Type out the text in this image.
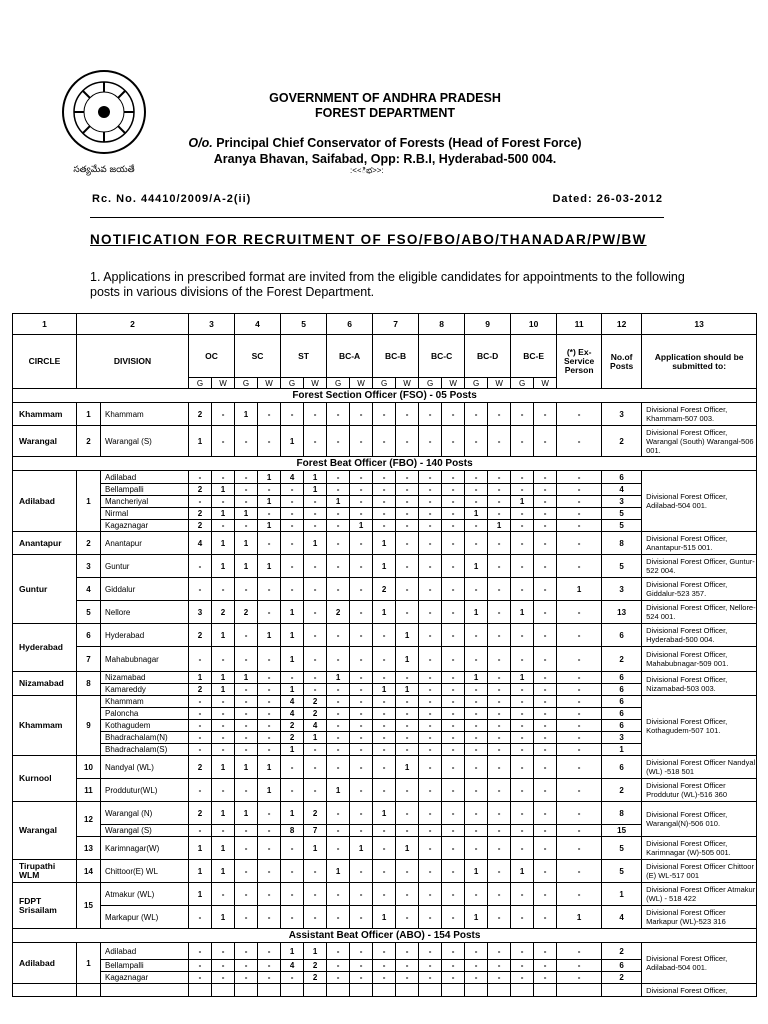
సత్యమేవ జయతే
GOVERNMENT OF ANDHRA PRADESH
FOREST DEPARTMENT
O/o. Principal Chief Conservator of Forests (Head of Forest Force)
Aranya Bhavan, Saifabad, Opp: R.B.I, Hyderabad-500 004.
:<<ిభ>>:
Rc. No. 44410/2009/A-2(ii)	Dated: 26-03-2012
NOTIFICATION FOR RECRUITMENT OF FSO/FBO/ABO/THANADAR/PW/BW
1. Applications in prescribed format are invited from the eligible candidates for appointments to the following posts in various divisions of the Forest Department.
1	2		3		4		5		6		7		8		9		10		11	12	13
CIRCLE	DIVISION		OC		SC		ST		BC-A		BC-B		BC-C		BC-D		BC-E		(*) Ex-Service Person	No.of Posts	Application should be submitted to:
			G	W	G	W	G	W	G	W	G	W	G	W	G	W	G	W			
Forest Section Officer (FSO) - 05 Posts																					
Khammam	1	Khammam	2	-	1	-	-	-	-	-	-	-	-	-	-	-	-	-	-	3	Divisional Forest Officer, Khammam-507 003.
Warangal	2	Warangal (S)	1	-	-	-	1	-	-	-	-	-	-	-	-	-	-	-	-	2	Divisional Forest Officer, Warangal (South) Warangal-506 001.
Forest Beat Officer (FBO) - 140 Posts																					
Adilabad	1	Adilabad	-	-	-	1	4	1	-	-	-	-	-	-	-	-	-	-	-	6	Divisional Forest Officer, Adilabad-504 001.
		Bellampalli	2	1	-	-	-	1	-	-	-	-	-	-	-	-	-	-	-	4	
		Mancheriyal	-	-	-	1	-	-	1	-	-	-	-	-	-	-	1	-	-	3	
		Nirmal	2	1	1	-	-	-	-	-	-	-	-	-	1	-	-	-	-	5	
		Kagaznagar	2	-	-	1	-	-	-	1	-	-	-	-	-	1	-	-	-	5	
Anantapur	2	Anantapur	4	1	1	-	-	1	-	-	1	-	-	-	-	-	-	-	-	8	Divisional Forest Officer, Anantapur-515 001.
Guntur	3	Guntur	-	1	1	1	-	-	-	-	1	-	-	-	1	-	-	-	-	5	Divisional Forest Officer, Guntur-522 004.
	4	Giddalur	-	-	-	-	-	-	-	-	2	-	-	-	-	-	-	-	1	3	Divisional Forest Officer, Giddalur-523 357.
	5	Nellore	3	2	2	-	1	-	2	-	1	-	-	-	1	-	1	-	-	13	Divisional Forest Officer, Nellore-524 001.
Hyderabad	6	Hyderabad	2	1	-	1	1	-	-	-	-	1	-	-	-	-	-	-	-	6	Divisional Forest Officer, Hyderabad-500 004.
	7	Mahabubnagar	-	-	-	-	1	-	-	-	-	1	-	-	-	-	-	-	-	2	Divisional Forest Officer, Mahabubnagar-509 001.
Nizamabad	8	Nizamabad	1	1	1	-	-	-	1	-	-	-	-	-	1	-	1	-	-	6	Divisional Forest Officer, Nizamabad-503 003.
		Kamareddy	2	1	-	-	1	-	-	-	1	1	-	-	-	-	-	-	-	6	
Khammam	9	Khammam	-	-	-	-	4	2	-	-	-	-	-	-	-	-	-	-	-	6	Divisional Forest Officer, Kothagudem-507 101.
		Paloncha	-	-	-	-	4	2	-	-	-	-	-	-	-	-	-	-	-	6	
		Kothagudem	-	-	-	-	2	4	-	-	-	-	-	-	-	-	-	-	-	6	
		Bhadrachalam(N)	-	-	-	-	2	1	-	-	-	-	-	-	-	-	-	-	-	3	
		Bhadrachalam(S)	-	-	-	-	1	-	-	-	-	-	-	-	-	-	-	-	-	1	
Kurnool	10	Nandyal (WL)	2	1	1	1	-	-	-	-	-	1	-	-	-	-	-	-	-	6	Divisional Forest Officer Nandyal (WL) -518 501
	11	Proddutur(WL)	-	-	-	1	-	-	1	-	-	-	-	-	-	-	-	-	-	2	Divisional Forest Officer Proddutur (WL)-516 360
Warangal	12	Warangal (N)	2	1	1	-	1	2	-	-	1	-	-	-	-	-	-	-	-	8	Divisional Forest Officer, Warangal(N)-506 010.
		Warangal (S)	-	-	-	-	8	7	-	-	-	-	-	-	-	-	-	-	-	15	
	13	Karimnagar(W)	1	1	-	-	-	1	-	1	-	1	-	-	-	-	-	-	-	5	Divisional Forest Officer, Karimnagar (W)-505 001.
Tirupathi WLM	14	Chittoor(E) WL	1	1	-	-	-	-	1	-	-	-	-	-	1	-	1	-	-	5	Divisional Forest Officer Chittoor (E) WL-517 001
FDPT Srisailam	15	Atmakur (WL)	1	-	-	-	-	-	-	-	-	-	-	-	-	-	-	-	-	1	Divisional Forest Officer Atmakur (WL) - 518 422
		Markapur (WL)	-	1	-	-	-	-	-	-	1	-	-	-	1	-	-	-	1	4	Divisional Forest Officer Markapur (WL)-523 316
Assistant Beat Officer (ABO) - 154 Posts																					
Adilabad	1	Adilabad	-	-	-	-	1	1	-	-	-	-	-	-	-	-	-	-	-	2	Divisional Forest Officer, Adilabad-504 001.
		Bellampalli	-	-	-	-	4	2	-	-	-	-	-	-	-	-	-	-	-	6	
		Kagaznagar	-	-	-	-	-	2	-	-	-	-	-	-	-	-	-	-	-	2	
																					Divisional Forest Officer,
